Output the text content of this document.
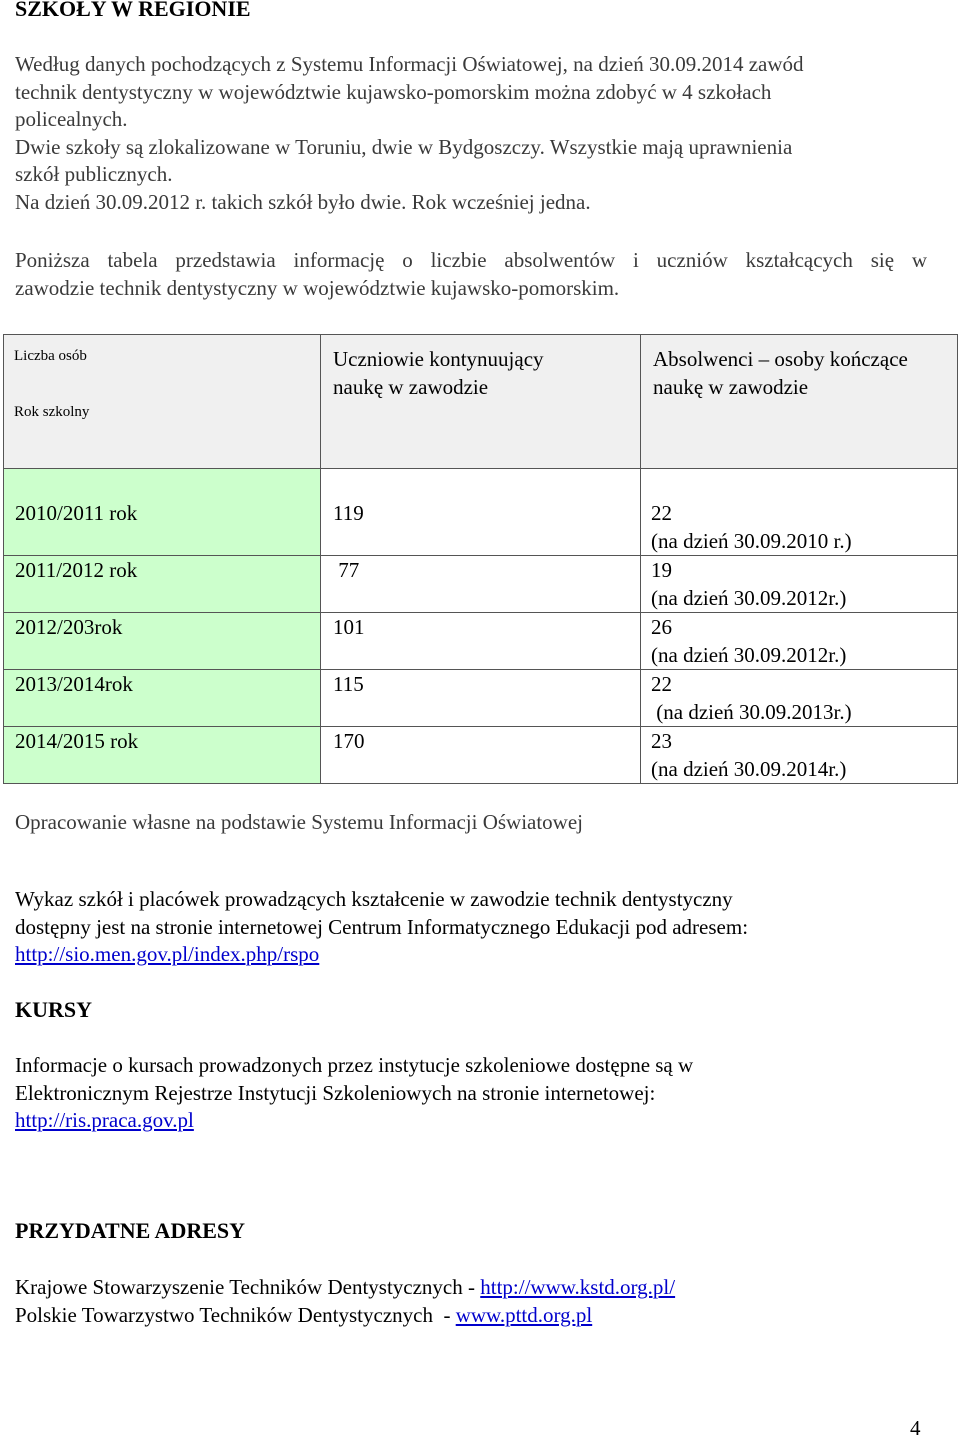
SZKOŁY W REGIONIE

Według danych pochodzących z Systemu Informacji Oświatowej, na dzień 30.09.2014 zawód

technik dentystyczny w województwie kujawsko-pomorskim można zdobyć w 4 szkołach

policealnych.

Dwie szkoły są zlokalizowane w Toruniu, dwie w Bydgoszczy. Wszystkie mają uprawnienia

szkół publicznych.

Na dzień 30.09.2012 r. takich szkół było dwie. Rok wcześniej jedna.

Poniższa tabela przedstawia informację o liczbie absolwentów i uczniów kształcących się w

zawodzie technik dentystyczny w województwie kujawsko-pomorskim.

Liczba osób
Rok szkolny	Uczniowie kontynuujący
naukę w zawodzie	Absolwenci – osoby kończące
naukę w zawodzie

2010/2011 rok	119	22
(na dzień 30.09.2010 r.)

2011/2012 rok	77	19
(na dzień 30.09.2012r.)

2012/203rok	101	26
(na dzień 30.09.2012r.)

2013/2014rok	115	22
(na dzień 30.09.2013r.)

2014/2015 rok	170	23
(na dzień 30.09.2014r.)

Opracowanie własne na podstawie Systemu Informacji Oświatowej

Wykaz szkół i placówek prowadzących kształcenie w zawodzie technik dentystyczny

dostępny jest na stronie internetowej Centrum Informatycznego Edukacji pod adresem:

http://sio.men.gov.pl/index.php/rspo

KURSY

Informacje o kursach prowadzonych przez instytucje szkoleniowe dostępne są w

Elektronicznym Rejestrze Instytucji Szkoleniowych na stronie internetowej:

http://ris.praca.gov.pl

PRZYDATNE ADRESY

Krajowe Stowarzyszenie Techników Dentystycznych - http://www.kstd.org.pl/

Polskie Towarzystwo Techników Dentystycznych  - www.pttd.org.pl

4
